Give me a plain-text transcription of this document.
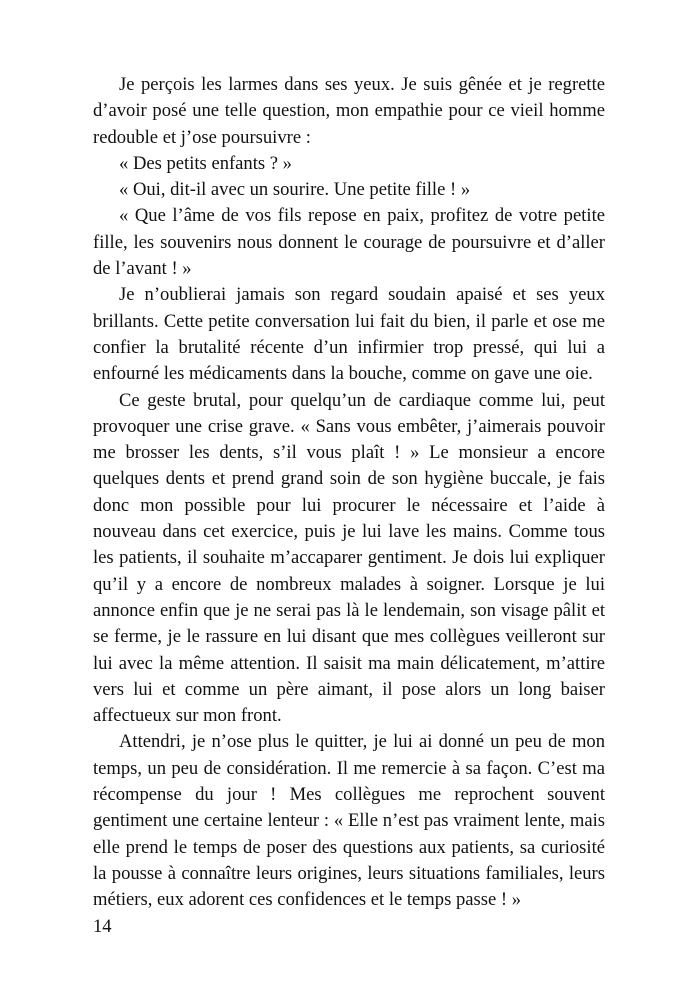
Je perçois les larmes dans ses yeux. Je suis gênée et je regrette d’avoir posé une telle question, mon empathie pour ce vieil homme redouble et j’ose poursuivre :

« Des petits enfants ? »

« Oui, dit-il avec un sourire. Une petite fille ! »

« Que l’âme de vos fils repose en paix, profitez de votre petite fille, les souvenirs nous donnent le courage de poursuivre et d’aller de l’avant ! »

Je n’oublierai jamais son regard soudain apaisé et ses yeux brillants. Cette petite conversation lui fait du bien, il parle et ose me confier la brutalité récente d’un infirmier trop pressé, qui lui a enfourné les médicaments dans la bouche, comme on gave une oie.

Ce geste brutal, pour quelqu’un de cardiaque comme lui, peut provoquer une crise grave. « Sans vous embêter, j’aimerais pouvoir me brosser les dents, s’il vous plaît ! » Le monsieur a encore quelques dents et prend grand soin de son hygiène buccale, je fais donc mon possible pour lui procurer le nécessaire et l’aide à nouveau dans cet exercice, puis je lui lave les mains. Comme tous les patients, il souhaite m’accaparer gentiment. Je dois lui expliquer qu’il y a encore de nombreux malades à soigner. Lorsque je lui annonce enfin que je ne serai pas là le lendemain, son visage pâlit et se ferme, je le rassure en lui disant que mes collègues veilleront sur lui avec la même attention. Il saisit ma main délicatement, m’attire vers lui et comme un père aimant, il pose alors un long baiser affectueux sur mon front.

Attendri, je n’ose plus le quitter, je lui ai donné un peu de mon temps, un peu de considération. Il me remercie à sa façon. C’est ma récompense du jour ! Mes collègues me reprochent souvent gentiment une certaine lenteur : « Elle n’est pas vraiment lente, mais elle prend le temps de poser des questions aux patients, sa curiosité la pousse à connaître leurs origines, leurs situations familiales, leurs métiers, eux adorent ces confidences et le temps passe ! »

14
